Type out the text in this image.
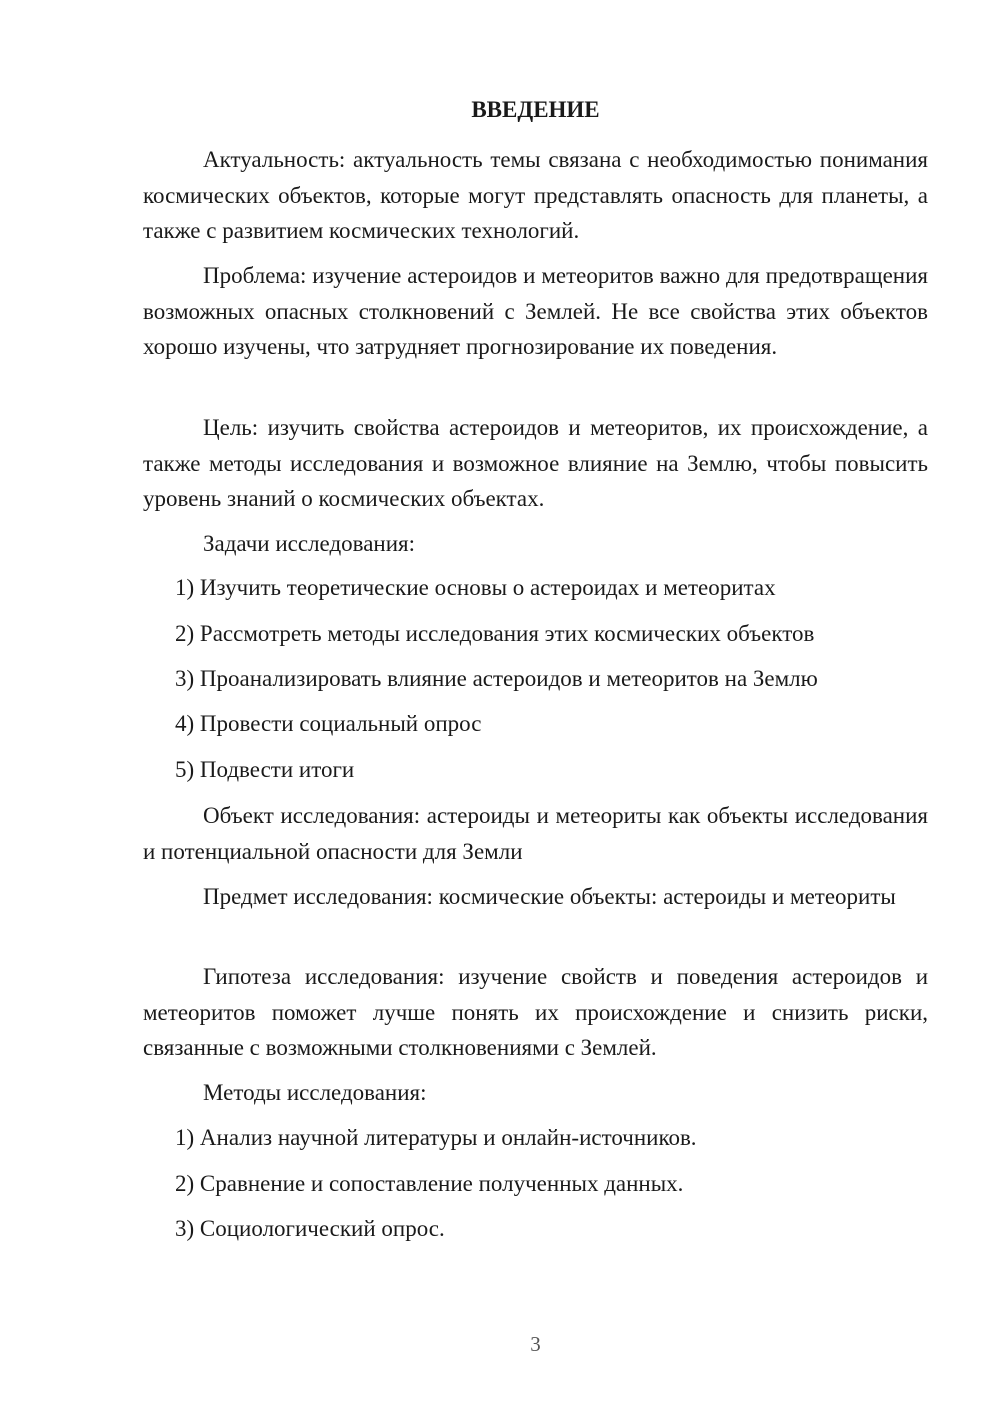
ВВЕДЕНИЕ

Актуальность: актуальность темы связана с необходимостью понимания космических объектов, которые могут представлять опасность для планеты, а также с развитием космических технологий.

Проблема: изучение астероидов и метеоритов важно для предотвращения возможных опасных столкновений с Землей. Не все свойства этих объектов хорошо изучены, что затрудняет прогнозирование их поведения.

Цель: изучить свойства астероидов и метеоритов, их происхождение, а также методы исследования и возможное влияние на Землю, чтобы повысить уровень знаний о космических объектах.

Задачи исследования:

1) Изучить теоретические основы о астероидах и метеоритах

2) Рассмотреть методы исследования этих космических объектов

3) Проанализировать влияние астероидов и метеоритов на Землю

4) Провести социальный опрос

5) Подвести итоги

Объект исследования: астероиды и метеориты как объекты исследования и потенциальной опасности для Земли

Предмет исследования: космические объекты: астероиды и метеориты

Гипотеза исследования: изучение свойств и поведения астероидов и метеоритов поможет лучше понять их происхождение и снизить риски, связанные с возможными столкновениями с Землей.

Методы исследования:

1) Анализ научной литературы и онлайн-источников.

2) Сравнение и сопоставление полученных данных.

3) Социологический опрос.

3
